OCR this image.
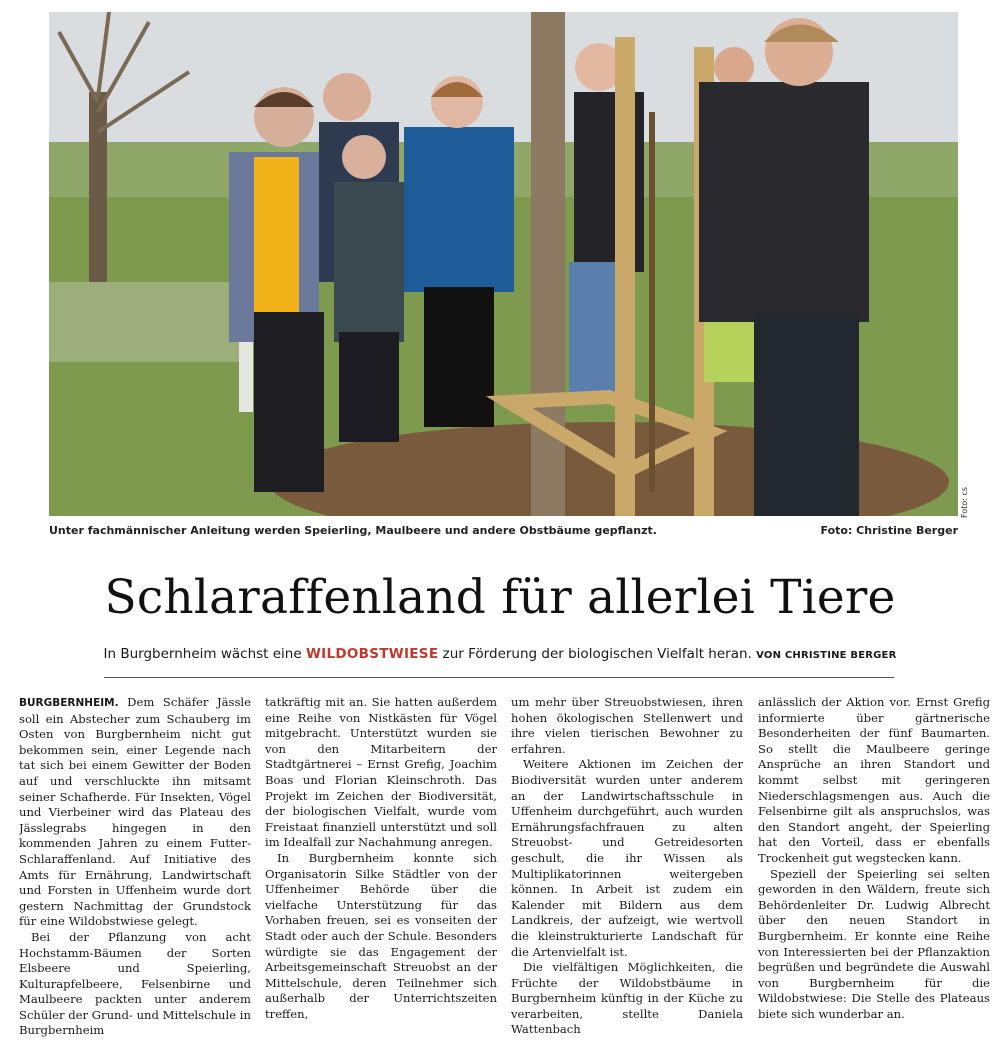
Foto: cs
Unter fachmännischer Anleitung werden Speierling, Maulbeere und andere Obstbäume gepflanzt.	Foto: Christine Berger
Schlaraffenland für allerlei Tiere
In Burgbernheim wächst eine WILDOBSTWIESE zur Förderung der biologischen Vielfalt heran. VON CHRISTINE BERGER

BURGBERNHEIM. Dem Schäfer Jässle soll ein Abstecher zum Schauberg im Osten von Burgbernheim nicht gut bekommen sein, einer Legende nach tat sich bei einem Gewitter der Boden auf und verschluckte ihn mitsamt seiner Schafherde. Für Insekten, Vögel und Vierbeiner wird das Plateau des Jässlegrabs hingegen in den kommenden Jahren zu einem Futter-Schlaraffenland. Auf Initiative des Amts für Ernährung, Landwirtschaft und Forsten in Uffenheim wurde dort gestern Nachmittag der Grundstock für eine Wildobstwiese gelegt.

Bei der Pflanzung von acht Hochstamm-Bäumen der Sorten Elsbeere und Speierling, Kulturapfelbeere, Felsenbirne und Maulbeere packten unter anderem Schüler der Grund- und Mittelschule in Burgbernheim

tatkräftig mit an. Sie hatten außerdem eine Reihe von Nistkästen für Vögel mitgebracht. Unterstützt wurden sie von den Mitarbeitern der Stadtgärtnerei – Ernst Grefig, Joachim Boas und Florian Kleinschroth. Das Projekt im Zeichen der Biodiversität, der biologischen Vielfalt, wurde vom Freistaat finanziell unterstützt und soll im Idealfall zur Nachahmung anregen.

In Burgbernheim konnte sich Organisatorin Silke Städtler von der Uffenheimer Behörde über die vielfache Unterstützung für das Vorhaben freuen, sei es vonseiten der Stadt oder auch der Schule. Besonders würdigte sie das Engagement der Arbeitsgemeinschaft Streuobst an der Mittelschule, deren Teilnehmer sich außerhalb der Unterrichtszeiten treffen,

um mehr über Streuobstwiesen, ihren hohen ökologischen Stellenwert und ihre vielen tierischen Bewohner zu erfahren.

Weitere Aktionen im Zeichen der Biodiversität wurden unter anderem an der Landwirtschaftsschule in Uffenheim durchgeführt, auch wurden Ernährungsfachfrauen zu alten Streuobst- und Getreidesorten geschult, die ihr Wissen als Multiplikatorinnen weitergeben können. In Arbeit ist zudem ein Kalender mit Bildern aus dem Landkreis, der aufzeigt, wie wertvoll die kleinstrukturierte Landschaft für die Artenvielfalt ist.

Die vielfältigen Möglichkeiten, die Früchte der Wildobstbäume in Burgbernheim künftig in der Küche zu verarbeiten, stellte Daniela Wattenbach

anlässlich der Aktion vor. Ernst Grefig informierte über gärtnerische Besonderheiten der fünf Baumarten. So stellt die Maulbeere geringe Ansprüche an ihren Standort und kommt selbst mit geringeren Niederschlagsmengen aus. Auch die Felsenbirne gilt als anspruchslos, was den Standort angeht, der Speierling hat den Vorteil, dass er ebenfalls Trockenheit gut wegstecken kann.

Speziell der Speierling sei selten geworden in den Wäldern, freute sich Behördenleiter Dr. Ludwig Albrecht über den neuen Standort in Burgbernheim. Er konnte eine Reihe von Interessierten bei der Pflanzaktion begrüßen und begründete die Auswahl von Burgbernheim für die Wildobstwiese: Die Stelle des Plateaus biete sich wunderbar an.
